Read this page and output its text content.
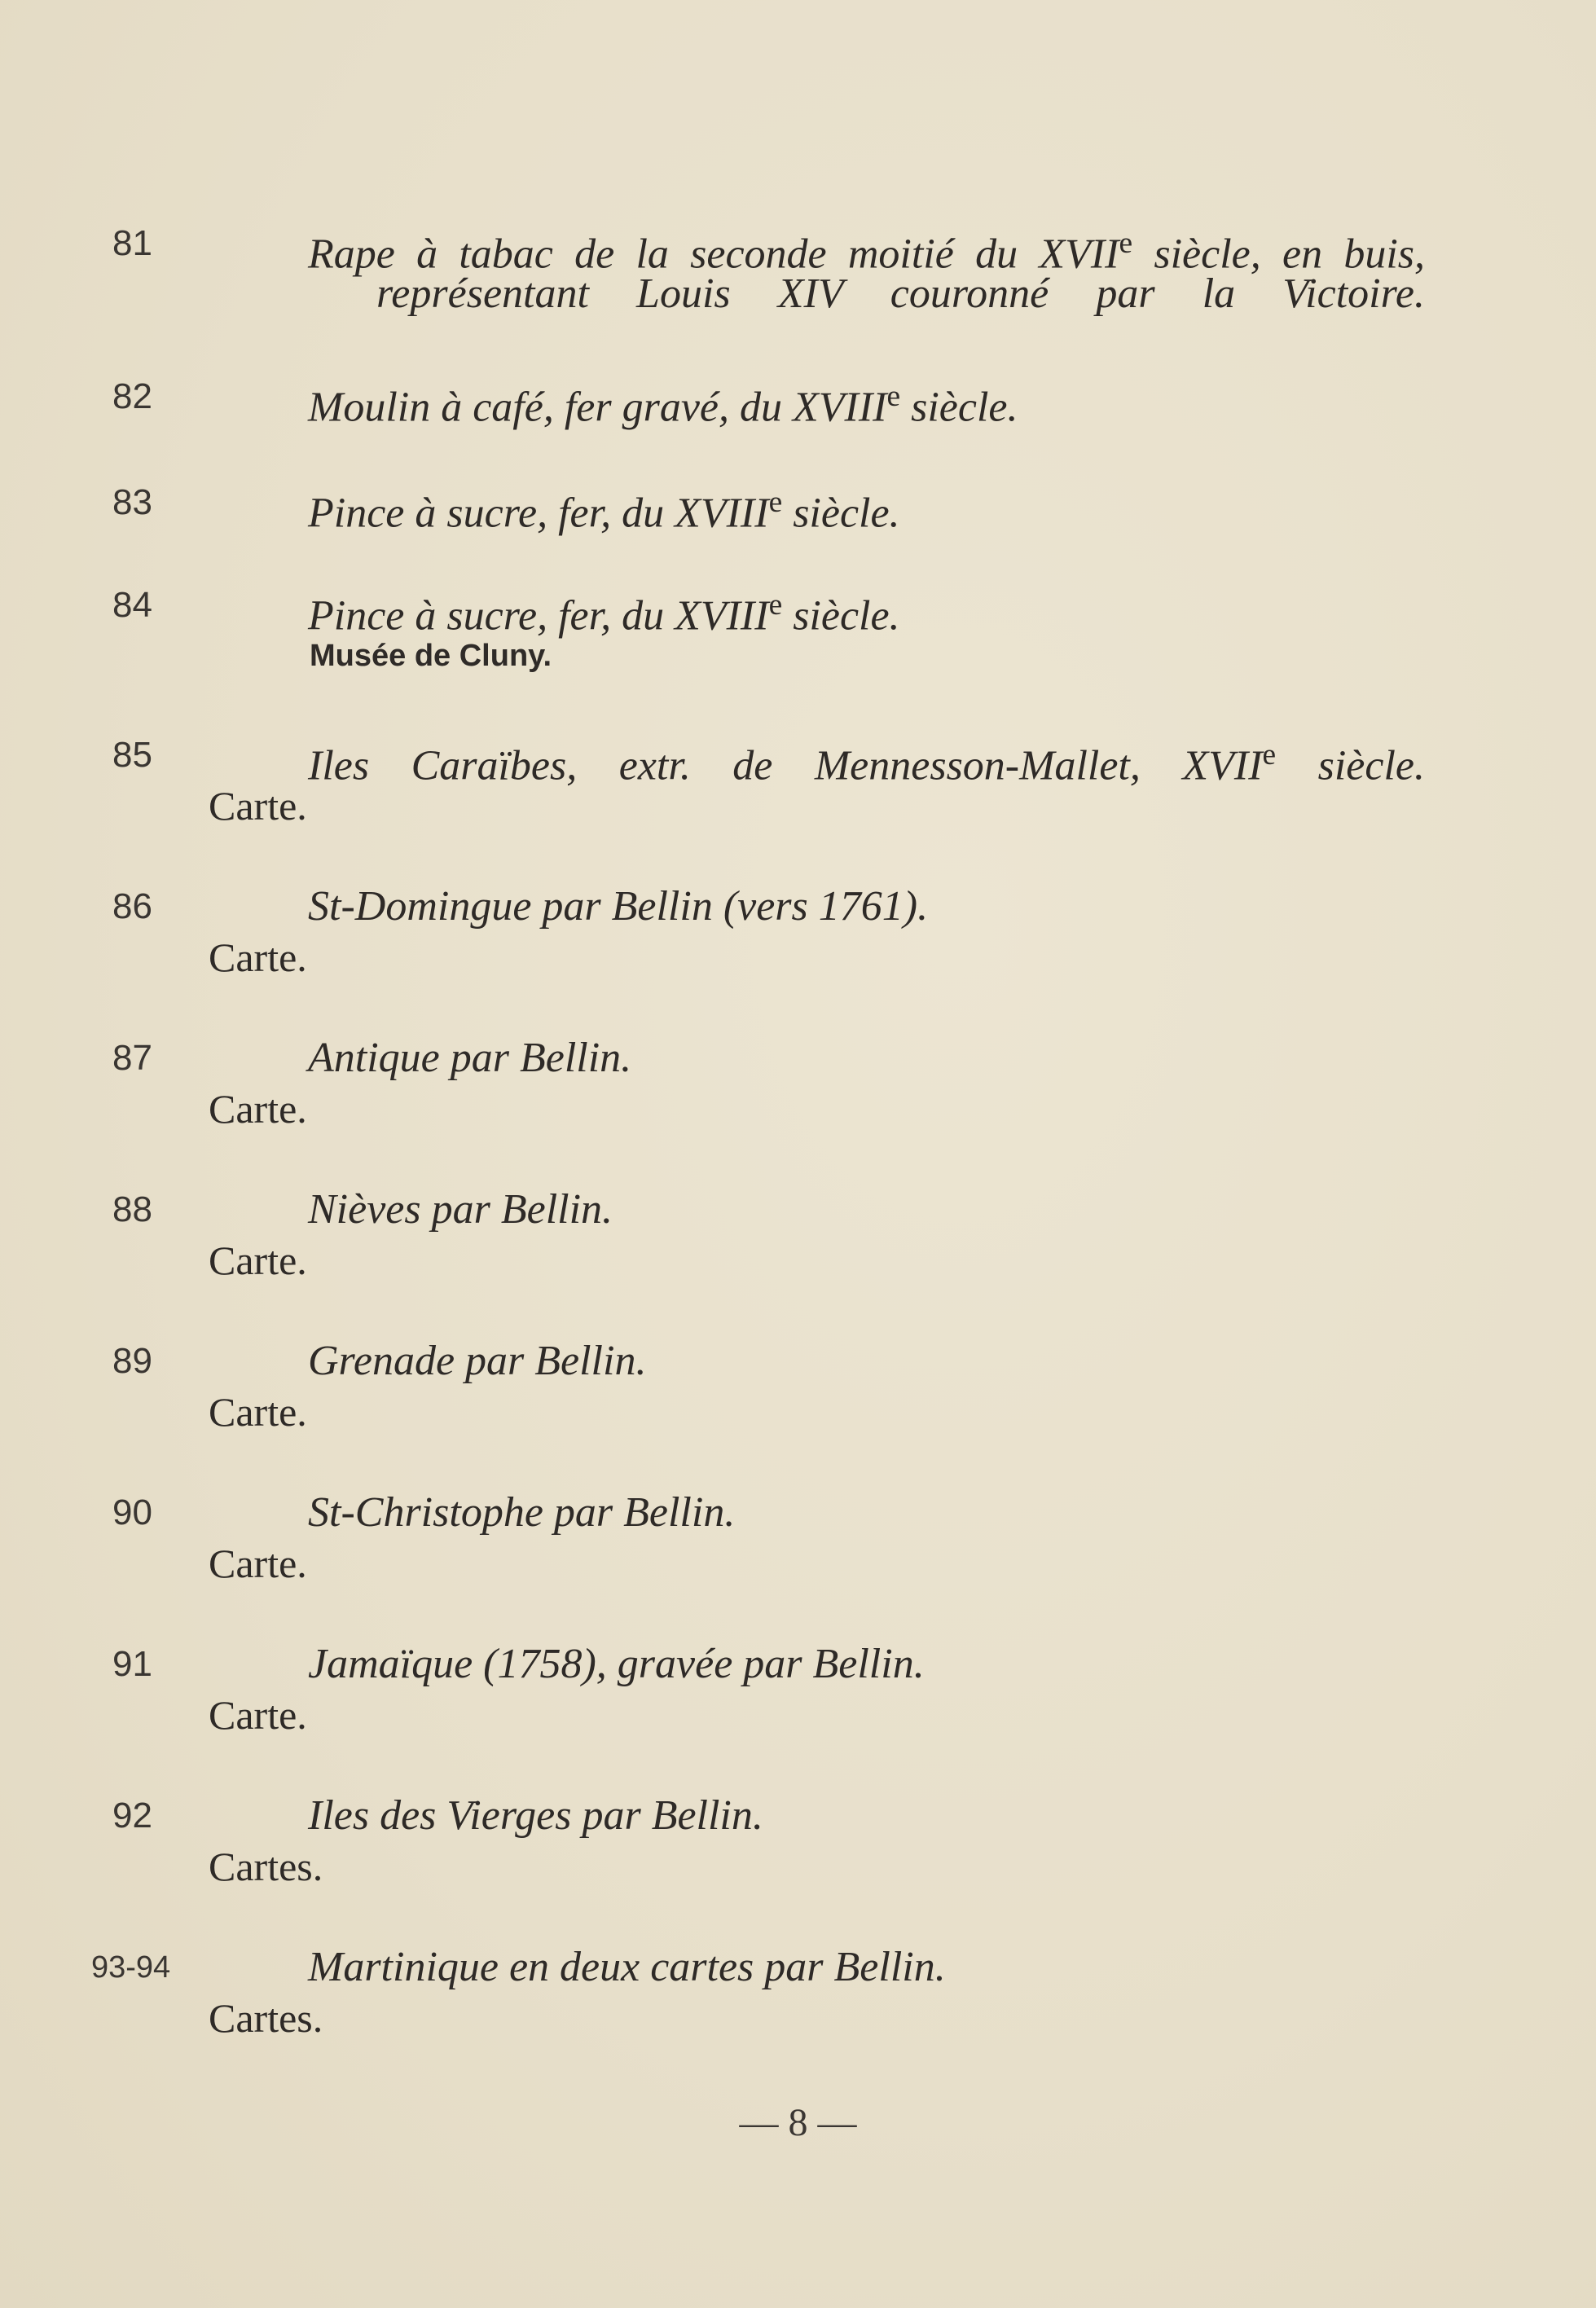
81	Rape à tabac de la seconde moitié du XVIIe siècle, en buis,
représentant Louis XIV couronné par la Victoire.
82	Moulin à café, fer gravé, du XVIIIe siècle.
83	Pince à sucre, fer, du XVIIIe siècle.
84	Pince à sucre, fer, du XVIIIe siècle.
Musée de Cluny.
85	Iles Caraïbes, extr. de Mennesson-Mallet, XVIIe siècle.
Carte.
86	St-Domingue par Bellin (vers 1761).
Carte.
87	Antique par Bellin.
Carte.
88	Nièves par Bellin.
Carte.
89	Grenade par Bellin.
Carte.
90	St-Christophe par Bellin.
Carte.
91	Jamaïque (1758), gravée par Bellin.
Carte.
92	Iles des Vierges par Bellin.
Cartes.
93-94	Martinique en deux cartes par Bellin.
Cartes.
— 8 —
